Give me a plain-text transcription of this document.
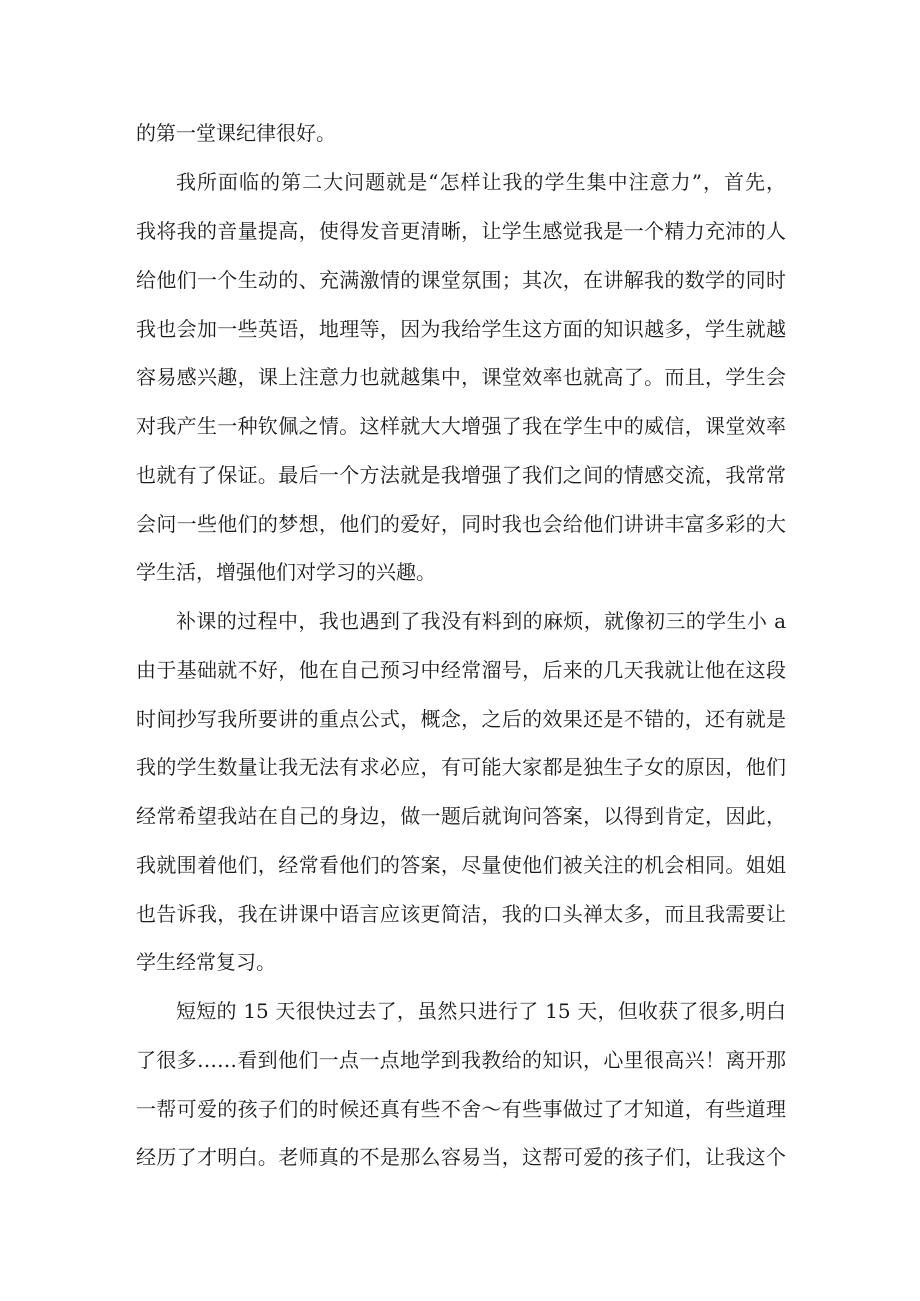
的第一堂课纪律很好。
我所面临的第二大问题就是“怎样让我的学生集中注意力”，首先，
我将我的音量提高，使得发音更清晰，让学生感觉我是一个精力充沛的人
给他们一个生动的、充满激情的课堂氛围；其次，在讲解我的数学的同时
我也会加一些英语，地理等，因为我给学生这方面的知识越多，学生就越
容易感兴趣，课上注意力也就越集中，课堂效率也就高了。而且，学生会
对我产生一种钦佩之情。这样就大大增强了我在学生中的威信，课堂效率
也就有了保证。最后一个方法就是我增强了我们之间的情感交流，我常常
会问一些他们的梦想，他们的爱好，同时我也会给他们讲讲丰富多彩的大
学生活，增强他们对学习的兴趣。
补课的过程中，我也遇到了我没有料到的麻烦，就像初三的学生小 a
由于基础就不好，他在自己预习中经常溜号，后来的几天我就让他在这段
时间抄写我所要讲的重点公式，概念，之后的效果还是不错的，还有就是
我的学生数量让我无法有求必应，有可能大家都是独生子女的原因，他们
经常希望我站在自己的身边，做一题后就询问答案，以得到肯定，因此，
我就围着他们，经常看他们的答案，尽量使他们被关注的机会相同。姐姐
也告诉我，我在讲课中语言应该更简洁，我的口头禅太多，而且我需要让
学生经常复习。
短短的 15 天很快过去了，虽然只进行了 15 天，但收获了很多,明白
了很多……看到他们一点一点地学到我教给的知识，心里很高兴！离开那
一帮可爱的孩子们的时候还真有些不舍～有些事做过了才知道，有些道理
经历了才明白。老师真的不是那么容易当，这帮可爱的孩子们，让我这个
